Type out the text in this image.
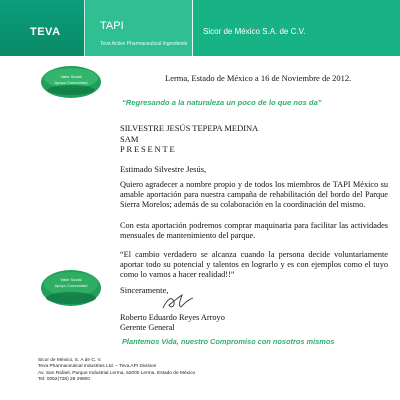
TEVA	TAPI
Teva Active Pharmaceutical Ingredients
Sicor de México S.A. de C.V.
Valor Social
Apoyo Comunidad
Valor Social
Apoyo Comunidad
Lerma, Estado de México a 16 de Noviembre de 2012.
“Regresando a la naturaleza un poco de lo que nos da”
SILVESTRE JESÚS TEPEPA MEDINA
SAM
PRESENTE
Estimado Silvestre Jesús,

Quiero agradecer a nombre propio y de todos los miembros de TAPI México su amable aportación para nuestra campaña de rehabilitación del bordo del Parque Sierra Morelos; además de su colaboración en la coordinación del mismo.

Con esta aportación podremos comprar maquinaria para facilitar las actividades mensuales de mantenimiento del parque.

“El cambio verdadero se alcanza cuando la persona decide voluntariamente aportar todo su potencial y talentos en lograrlo y es con ejemplos como el tuyo como lo vamos a hacer realidad!!”

Sinceramente,
Roberto Eduardo Reyes Arroyo
Gerente General
Plantemos Vida, nuestro Compromiso con nosotros mismos
Sicor de México, S. A de C. V.
Teva Pharmaceutical Industries Ltd. – Teva API Division
Av. San Rafael, Parque Industrial Lerma, 52000 Lerma, Estado de México
Tel: 0052(728) 28 29800
